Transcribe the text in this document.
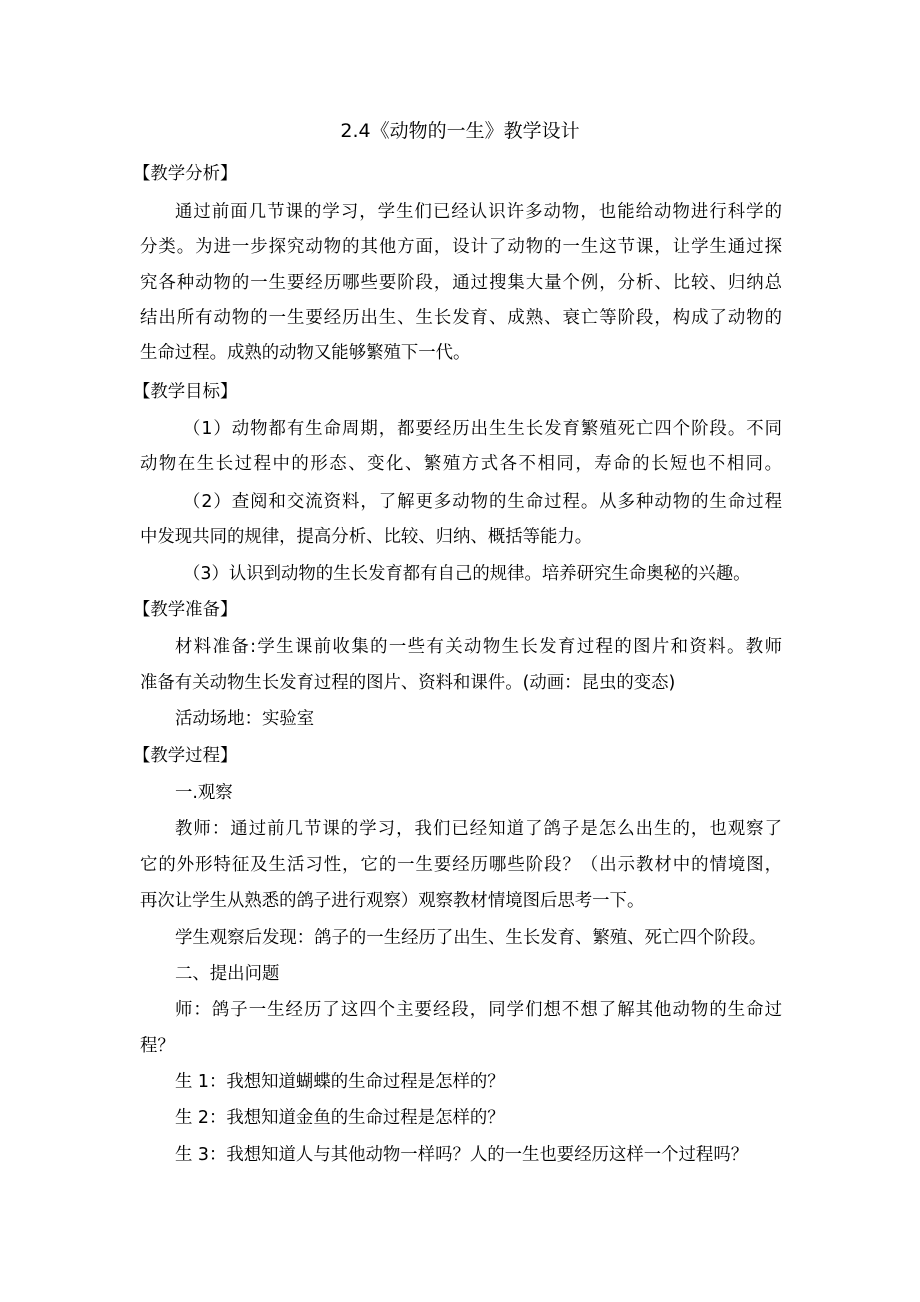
2.4《动物的一生》教学设计
【教学分析】
通过前面几节课的学习，学生们已经认识许多动物，也能给动物进行科学的
分类。为进一步探究动物的其他方面，设计了动物的一生这节课，让学生通过探
究各种动物的一生要经历哪些要阶段，通过搜集大量个例，分析、比较、归纳总
结出所有动物的一生要经历出生、生长发育、成熟、衰亡等阶段，构成了动物的
生命过程。成熟的动物又能够繁殖下一代。
【教学目标】
（1）动物都有生命周期，都要经历出生生长发育繁殖死亡四个阶段。不同
动物在生长过程中的形态、变化、繁殖方式各不相同，寿命的长短也不相同。
（2）查阅和交流资料，了解更多动物的生命过程。从多种动物的生命过程
中发现共同的规律，提高分析、比较、归纳、概括等能力。
（3）认识到动物的生长发育都有自己的规律。培养研究生命奥秘的兴趣。
【教学准备】
材料准备:学生课前收集的一些有关动物生长发育过程的图片和资料。教师
准备有关动物生长发育过程的图片、资料和课件。(动画：昆虫的变态)
活动场地：实验室
【教学过程】
一.观察
教师：通过前几节课的学习，我们已经知道了鸽子是怎么出生的，也观察了
它的外形特征及生活习性，它的一生要经历哪些阶段？（出示教材中的情境图，
再次让学生从熟悉的鸽子进行观察）观察教材情境图后思考一下。
学生观察后发现：鸽子的一生经历了出生、生长发育、繁殖、死亡四个阶段。
二、提出问题
师：鸽子一生经历了这四个主要经段，同学们想不想了解其他动物的生命过
程？
生 1：我想知道蝴蝶的生命过程是怎样的？
生 2：我想知道金鱼的生命过程是怎样的？
生 3：我想知道人与其他动物一样吗？人的一生也要经历这样一个过程吗？
